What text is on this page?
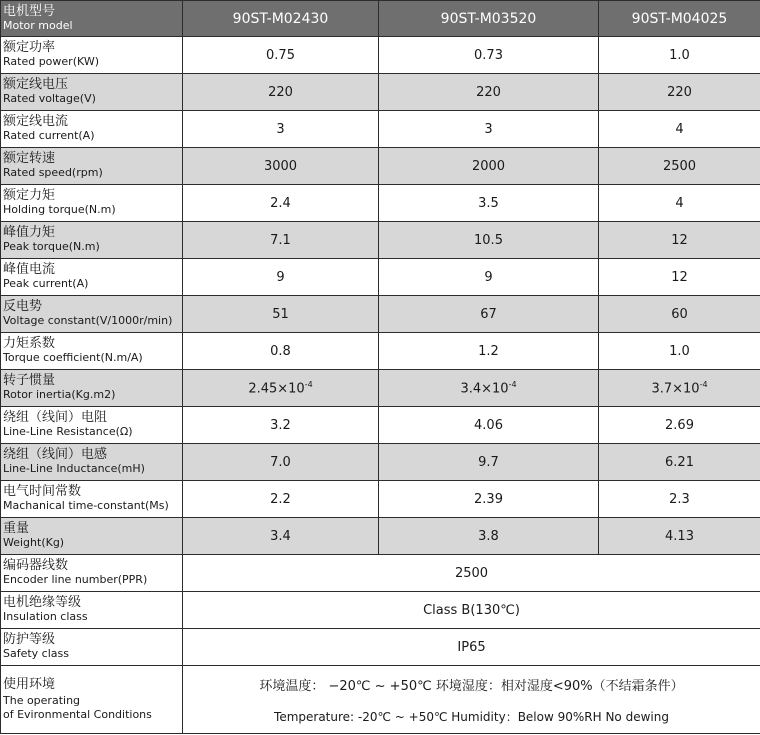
电机型号
Motor model	90ST-M02430	90ST-M03520	90ST-M04025

额定功率
Rated power(KW)	0.75	0.73	1.0

额定线电压
Rated voltage(V)	220	220	220

额定线电流
Rated current(A)	3	3	4

额定转速
Rated speed(rpm)	3000	2000	2500

额定力矩
Holding torque(N.m)	2.4	3.5	4

峰值力矩
Peak torque(N.m)	7.1	10.5	12

峰值电流
Peak current(A)	9	9	12

反电势
Voltage constant(V/1000r/min)	51	67	60

力矩系数
Torque coefficient(N.m/A)	0.8	1.2	1.0

转子惯量
Rotor inertia(Kg.m2)	$2.45\times 10^{-4}$	$3.4\times 10^{-4}$	$3.7\times 10^{-4}$

绕组（线间）电阻
Line-Line Resistance(Ω)	3.2	4.06	2.69

绕组（线间）电感
Line-Line Inductance(mH)	7.0	9.7	6.21

电气时间常数
Machanical time-constant(Ms)	2.2	2.39	2.3

重量
Weight(Kg)	3.4	3.8	4.13

编码器线数
Encoder line number(PPR)	2500		

电机绝缘等级
Insulation class	Class B(130℃)		

防护等级
Safety class	IP65		

使用环境
The operating
of Evironmental Conditions	环境温度： −20℃ ~ +50℃ 环境湿度：相对湿度<90%（不结霜条件）
Temperature: -20℃ ~ +50℃ Humidity：Below 90%RH No dewing		
